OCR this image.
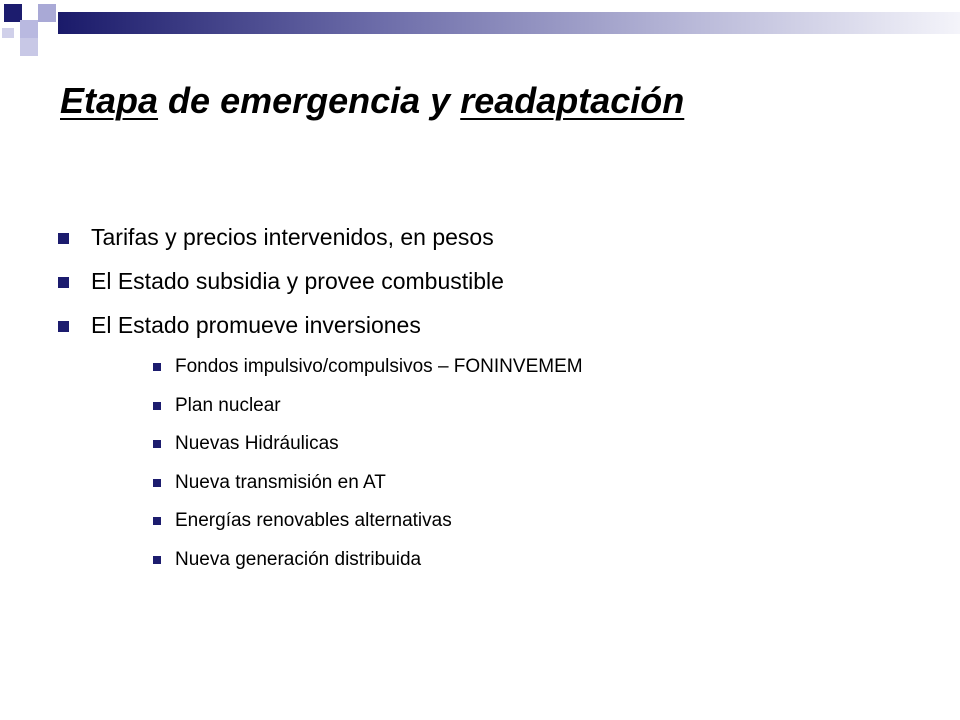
Etapa de emergencia y readaptación
Tarifas y precios intervenidos, en pesos
El Estado subsidia y provee combustible
El Estado promueve inversiones
Fondos impulsivo/compulsivos – FONINVEMEM
Plan nuclear
Nuevas Hidráulicas
Nueva transmisión en AT
Energías renovables alternativas
Nueva generación distribuida
